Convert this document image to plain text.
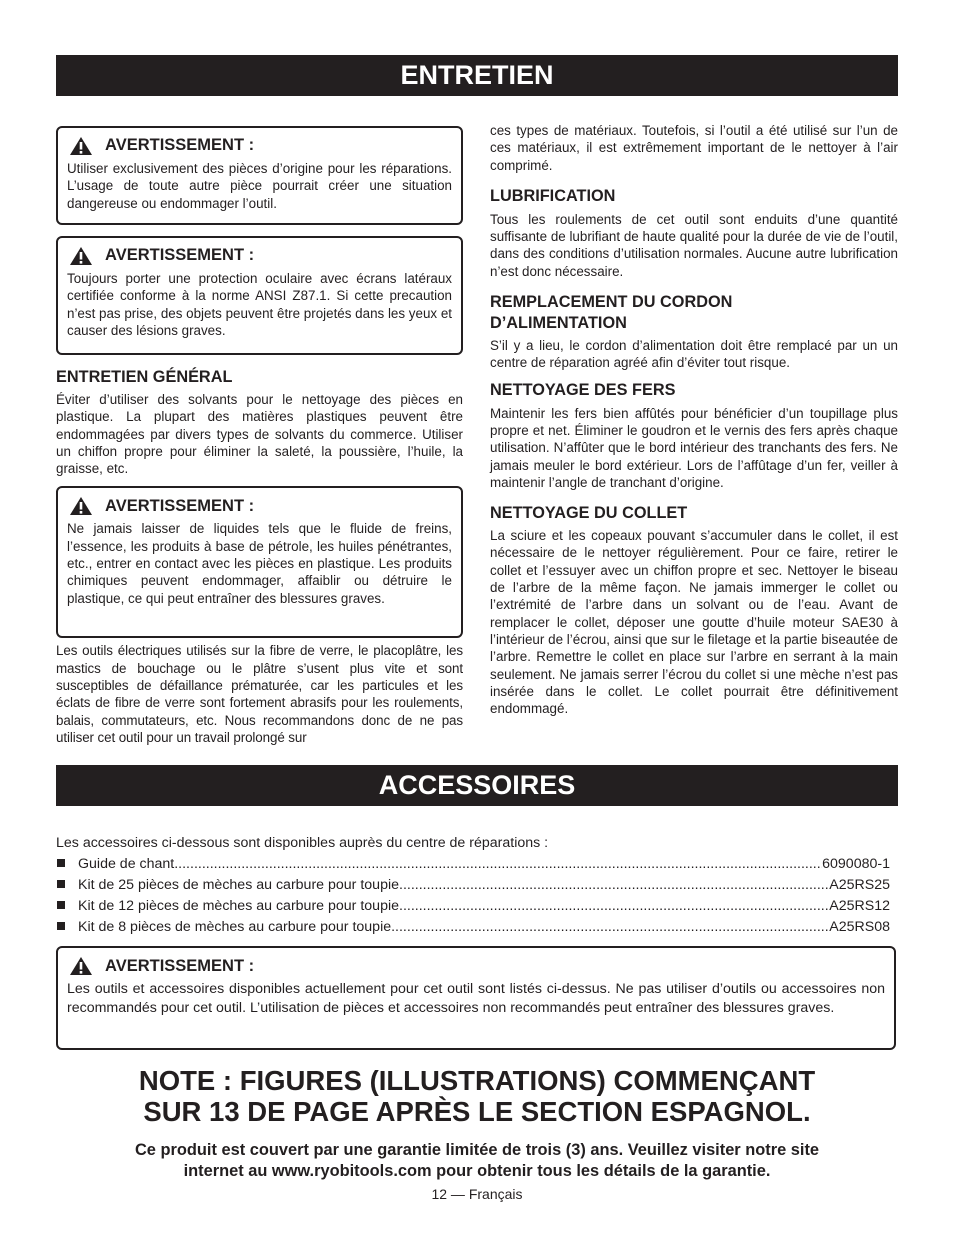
ENTRETIEN
AVERTISSEMENT :

Utiliser exclusivement des pièces d’origine pour les réparations. L’usage de toute autre pièce pourrait créer une situation dangereuse ou endommager l’outil.

AVERTISSEMENT :

Toujours porter une protection oculaire avec écrans latéraux certifiée conforme à la norme ANSI Z87.1. Si cette precaution n’est pas prise, des objets peuvent être projetés dans les yeux et causer des lésions graves.

ENTRETIEN GÉNÉRAL

Éviter d’utiliser des solvants pour le nettoyage des pièces en plastique. La plupart des matières plastiques peuvent être endommagées par divers types de solvants du commerce. Utiliser un chiffon propre pour éliminer la saleté, la poussière, l’huile, la graisse, etc.

AVERTISSEMENT :

Ne jamais laisser de liquides tels que le fluide de freins, l’essence, les produits à base de pétrole, les huiles pénétrantes, etc., entrer en contact avec les pièces en plastique. Les produits chimiques peuvent endommager, affaiblir ou détruire le plastique, ce qui peut entraîner des blessures graves.

Les outils électriques utilisés sur la fibre de verre, le placoplâtre, les mastics de bouchage ou le plâtre s’usent plus vite et sont susceptibles de défaillance prématurée, car les particules et les éclats de fibre de verre sont fortement abrasifs pour les roulements, balais, commutateurs, etc. Nous recommandons donc de ne pas utiliser cet outil pour un travail prolongé sur

ces types de matériaux. Toutefois, si l’outil a été utilisé sur l’un de ces matériaux, il est extrêmement important de le nettoyer à l’air comprimé.

LUBRIFICATION

Tous les roulements de cet outil sont enduits d’une quantité suffisante de lubrifiant de haute qualité pour la durée de vie de l’outil, dans des conditions d’utilisation normales. Aucune autre lubrification n’est donc nécessaire.

REMPLACEMENT DU CORDON

D’ALIMENTATION

S’il y a lieu, le cordon d’alimentation doit être remplacé par un un centre de réparation agréé afin d’éviter tout risque.

NETTOYAGE DES FERS

Maintenir les fers bien affûtés pour bénéficier d’un toupillage plus propre et net. Éliminer le goudron et le vernis des fers après chaque utilisation. N’affûter que le bord intérieur des tranchants des fers. Ne jamais meuler le bord extérieur. Lors de l’affûtage d’un fer, veiller à maintenir l’angle de tranchant d’origine.

NETTOYAGE DU COLLET

La sciure et les copeaux pouvant s’accumuler dans le collet, il est nécessaire de le nettoyer régulièrement. Pour ce faire, retirer le collet et l’essuyer avec un chiffon propre et sec. Nettoyer le biseau de l’arbre de la même façon. Ne jamais immerger le collet ou l’extrémité de l’arbre dans un solvant ou de l’eau. Avant de remplacer le collet, déposer une goutte d’huile moteur SAE30 à l’intérieur de l’écrou, ainsi que sur le filetage et la partie biseautée de l’arbre. Remettre le collet en place sur l’arbre en serrant à la main seulement. Ne jamais serrer l’écrou du collet si une mèche n’est pas insérée dans le collet. Le collet pourrait être définitivement endommagé.

ACCESSOIRES
Les accessoires ci-dessous sont disponibles auprès du centre de réparations :
Guide de chant .....	6090080-1
Kit de 25 pièces de mèches au carbure pour toupie .....	A25RS25
Kit de 12 pièces de mèches au carbure pour toupie .....	A25RS12
Kit de 8 pièces de mèches au carbure pour toupie .....	A25RS08
AVERTISSEMENT :

Les outils et accessoires disponibles actuellement pour cet outil sont listés ci-dessus. Ne pas utiliser d’outils ou accessoires non recommandés pour cet outil. L’utilisation de pièces et accessoires non recommandés peut entraîner des blessures graves.

NOTE : FIGURES (ILLUSTRATIONS) COMMENÇANT
SUR 13 DE PAGE APRÈS LE SECTION ESPAGNOL.
Ce produit est couvert par une garantie limitée de trois (3) ans. Veuillez visiter notre site
internet au www.ryobitools.com pour obtenir tous les détails de la garantie.
12 — Français
